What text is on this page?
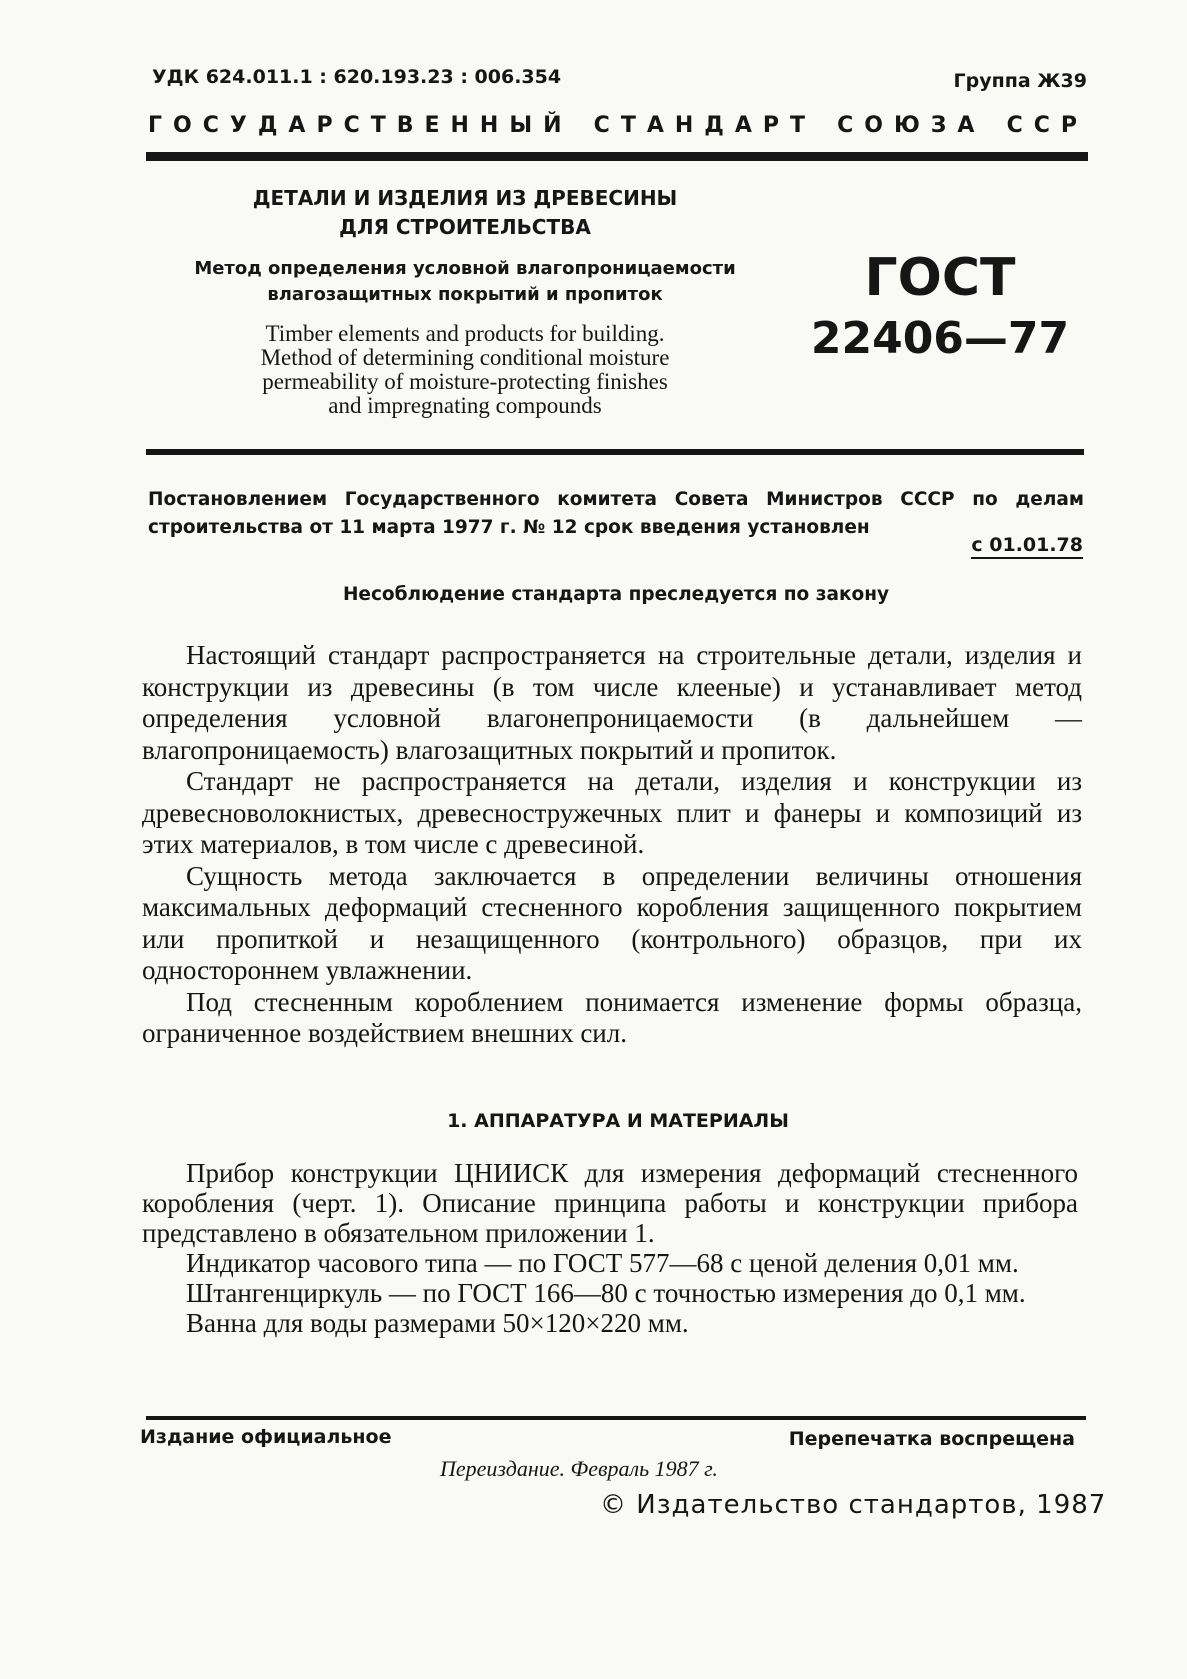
УДК 624.011.1 : 620.193.23 : 006.354	Группа Ж39
ГОСУДАРСТВЕННЫЙ СТАНДАРТ СОЮЗА ССР
ДЕТАЛИ И ИЗДЕЛИЯ ИЗ ДРЕВЕСИНЫ
ДЛЯ СТРОИТЕЛЬСТВА
Метод определения условной влагопроницаемости
влагозащитных покрытий и пропиток
Timber elements and products for building.
Method of determining conditional moisture
permeability of moisture-protecting finishes
and impregnating compounds
ГОСТ
22406—77
Постановлением Государственного комитета Совета Министров СССР по делам
строительства от 11 марта 1977 г. № 12 срок введения установлен
с 01.01.78
Несоблюдение стандарта преследуется по закону

Настоящий стандарт распространяется на строительные детали, изделия и конструкции из древесины (в том числе клееные) и устанавливает метод определения условной влагонепроницаемости (в дальнейшем — влагопроницаемость) влагозащитных покрытий и пропиток.

Стандарт не распространяется на детали, изделия и конструкции из древесноволокнистых, древесностружечных плит и фанеры и композиций из этих материалов, в том числе с древесиной.

Сущность метода заключается в определении величины отношения максимальных деформаций стесненного коробления защищенного покрытием или пропиткой и незащищенного (контрольного) образцов, при их одностороннем увлажнении.

Под стесненным короблением понимается изменение формы образца, ограниченное воздействием внешних сил.

1. АППАРАТУРА И МАТЕРИАЛЫ

Прибор конструкции ЦНИИСК для измерения деформаций стесненного коробления (черт. 1). Описание принципа работы и конструкции прибора представлено в обязательном приложении 1.

Индикатор часового типа — по ГОСТ 577—68 с ценой деления 0,01 мм.

Штангенциркуль — по ГОСТ 166—80 с точностью измерения до 0,1 мм.

Ванна для воды размерами 50×120×220 мм.

Издание официальное	Перепечатка воспрещена
Переиздание. Февраль 1987 г.
© Издательство стандартов, 1987
